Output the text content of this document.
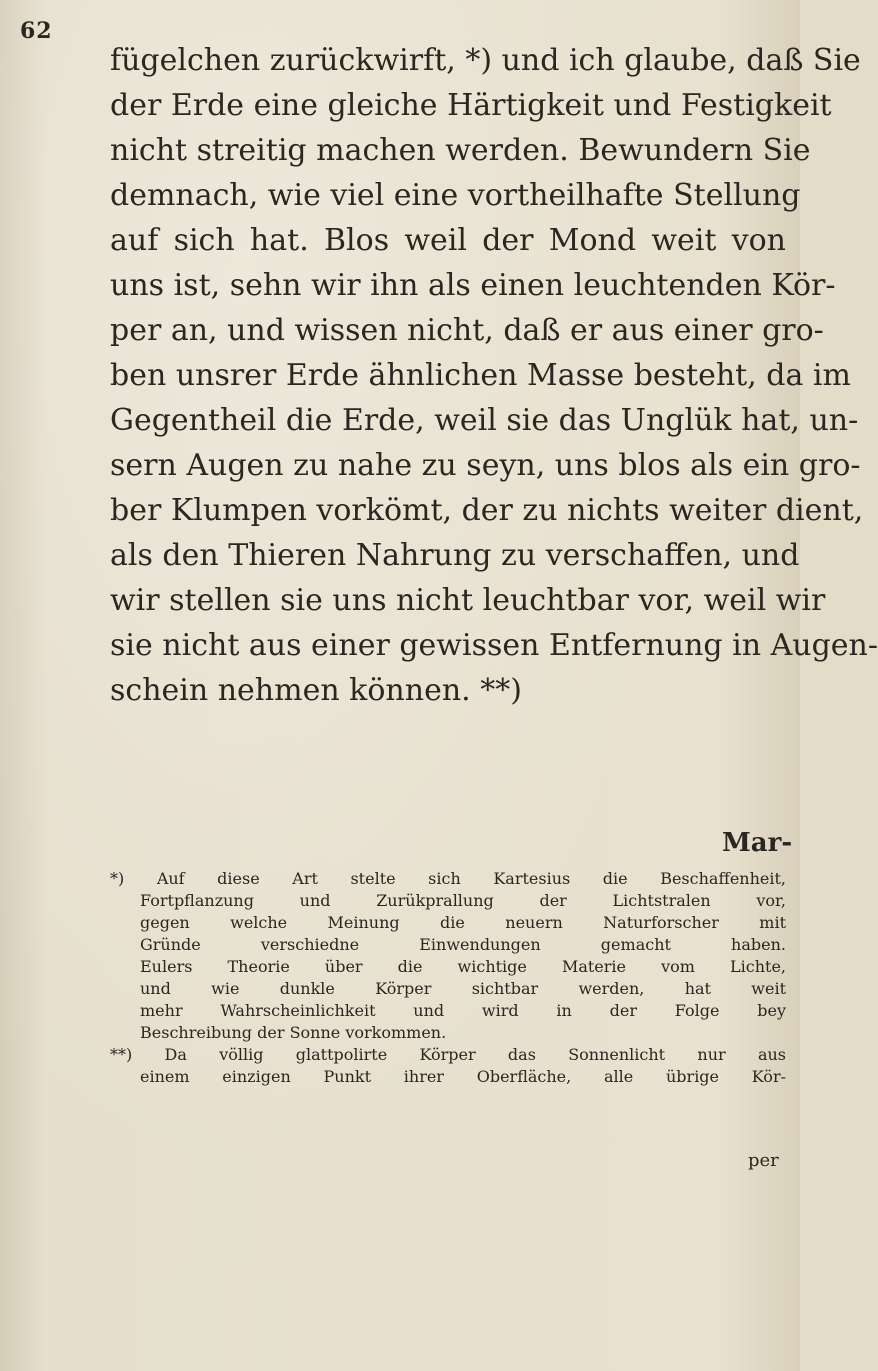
62
fügelchen zurückwirft, *) und ich glaube, daß Sie
der Erde eine gleiche Härtigkeit und Festigkeit
nicht streitig machen werden. Bewundern Sie
demnach, wie viel eine vortheilhafte Stellung
auf sich hat. Blos weil der Mond weit von
uns ist, sehn wir ihn als einen leuchtenden Kör-
per an, und wissen nicht, daß er aus einer gro-
ben unsrer Erde ähnlichen Masse besteht, da im
Gegentheil die Erde, weil sie das Unglük hat, un-
sern Augen zu nahe zu seyn, uns blos als ein gro-
ber Klumpen vorkömt, der zu nichts weiter dient,
als den Thieren Nahrung zu verschaffen, und
wir stellen sie uns nicht leuchtbar vor, weil wir
sie nicht aus einer gewissen Entfernung in Augen-
schein nehmen können. **)
Mar-
*) Auf diese Art stelte sich Kartesius die Beschaffenheit,
Fortpflanzung und Zurükprallung der Lichtstralen vor,
gegen welche Meinung die neuern Naturforscher mit
Gründe verschiedne Einwendungen gemacht haben.
Eulers Theorie über die wichtige Materie vom Lichte,
und wie dunkle Körper sichtbar werden, hat weit
mehr Wahrscheinlichkeit und wird in der Folge bey
Beschreibung der Sonne vorkommen.
**) Da völlig glattpolirte Körper das Sonnenlicht nur aus
einem einzigen Punkt ihrer Oberfläche, alle übrige Kör-
per
